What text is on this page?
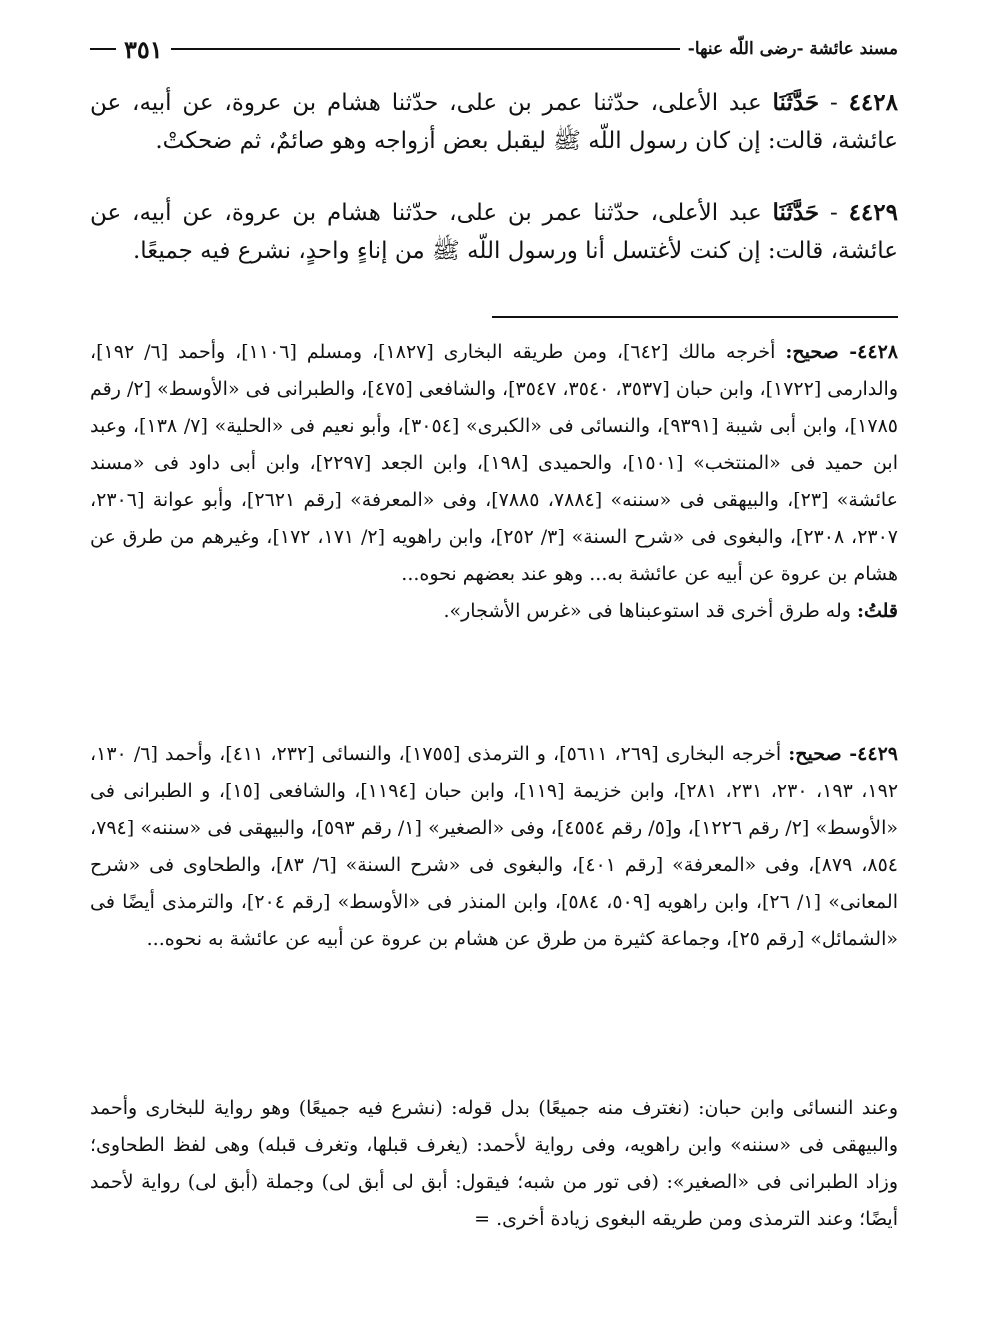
مسند عائشة -رضى اللّه عنها-
٣٥١
٤٤٢٨ - حَدَّثَنَا عبد الأعلى، حدّثنا عمر بن على، حدّثنا هشام بن عروة، عن أبيه، عن عائشة، قالت: إن كان رسول اللّه ﷺ ليقبل بعض أزواجه وهو صائمٌ، ثم ضحكتْ.
٤٤٢٩ - حَدَّثَنَا عبد الأعلى، حدّثنا عمر بن على، حدّثنا هشام بن عروة، عن أبيه، عن عائشة، قالت: إن كنت لأغتسل أنا ورسول اللّه ﷺ من إناءٍ واحدٍ، نشرع فيه جميعًا.
٤٤٢٨- صحيح: أخرجه مالك [٦٤٢]، ومن طريقه البخارى [١٨٢٧]، ومسلم [١١٠٦]، وأحمد [٦/ ١٩٢]، والدارمى [١٧٢٢]، وابن حبان [٣٥٣٧، ٣٥٤٠، ٣٥٤٧]، والشافعى [٤٧٥]، والطبرانى فى «الأوسط» [٢/ رقم ١٧٨٥]، وابن أبى شيبة [٩٣٩١]، والنسائى فى «الكبرى» [٣٠٥٤]، وأبو نعيم فى «الحلية» [٧/ ١٣٨]، وعبد ابن حميد فى «المنتخب» [١٥٠١]، والحميدى [١٩٨]، وابن الجعد [٢٢٩٧]، وابن أبى داود فى «مسند عائشة» [٢٣]، والبيهقى فى «سننه» [٧٨٨٤، ٧٨٨٥]، وفى «المعرفة» [رقم ٢٦٢١]، وأبو عوانة [٢٣٠٦، ٢٣٠٧، ٢٣٠٨]، والبغوى فى «شرح السنة» [٣/ ٢٥٢]، وابن راهويه [٢/ ١٧١، ١٧٢]، وغيرهم من طرق عن هشام بن عروة عن أبيه عن عائشة به... وهو عند بعضهم نحوه...
قلتُ: وله طرق أخرى قد استوعبناها فى «غرس الأشجار».
٤٤٢٩- صحيح: أخرجه البخارى [٢٦٩، ٥٦١١]، و الترمذى [١٧٥٥]، والنسائى [٢٣٢، ٤١١]، وأحمد [٦/ ١٣٠، ١٩٢، ١٩٣، ٢٣٠، ٢٣١، ٢٨١]، وابن خزيمة [١١٩]، وابن حبان [١١٩٤]، والشافعى [١٥]، و الطبرانى فى «الأوسط» [٢/ رقم ١٢٢٦]، و[٥/ رقم ٤٥٥٤]، وفى «الصغير» [١/ رقم ٥٩٣]، والبيهقى فى «سننه» [٧٩٤، ٨٥٤، ٨٧٩]، وفى «المعرفة» [رقم ٤٠١]، والبغوى فى «شرح السنة» [٦/ ٨٣]، والطحاوى فى «شرح المعانى» [١/ ٢٦]، وابن راهويه [٥٠٩، ٥٨٤]، وابن المنذر فى «الأوسط» [رقم ٢٠٤]، والترمذى أيضًا فى «الشمائل» [رقم ٢٥]، وجماعة كثيرة من طرق عن هشام بن عروة عن أبيه عن عائشة به نحوه...
وعند النسائى وابن حبان: (نغترف منه جميعًا) بدل قوله: (نشرع فيه جميعًا) وهو رواية للبخارى وأحمد والبيهقى فى «سننه» وابن راهويه، وفى رواية لأحمد: (يغرف قبلها، وتغرف قبله) وهى لفظ الطحاوى؛ وزاد الطبرانى فى «الصغير»: (فى تور من شبه؛ فيقول: أبق لى أبق لى) وجملة (أبق لى) رواية لأحمد أيضًا؛ وعند الترمذى ومن طريقه البغوى زيادة أخرى. =
